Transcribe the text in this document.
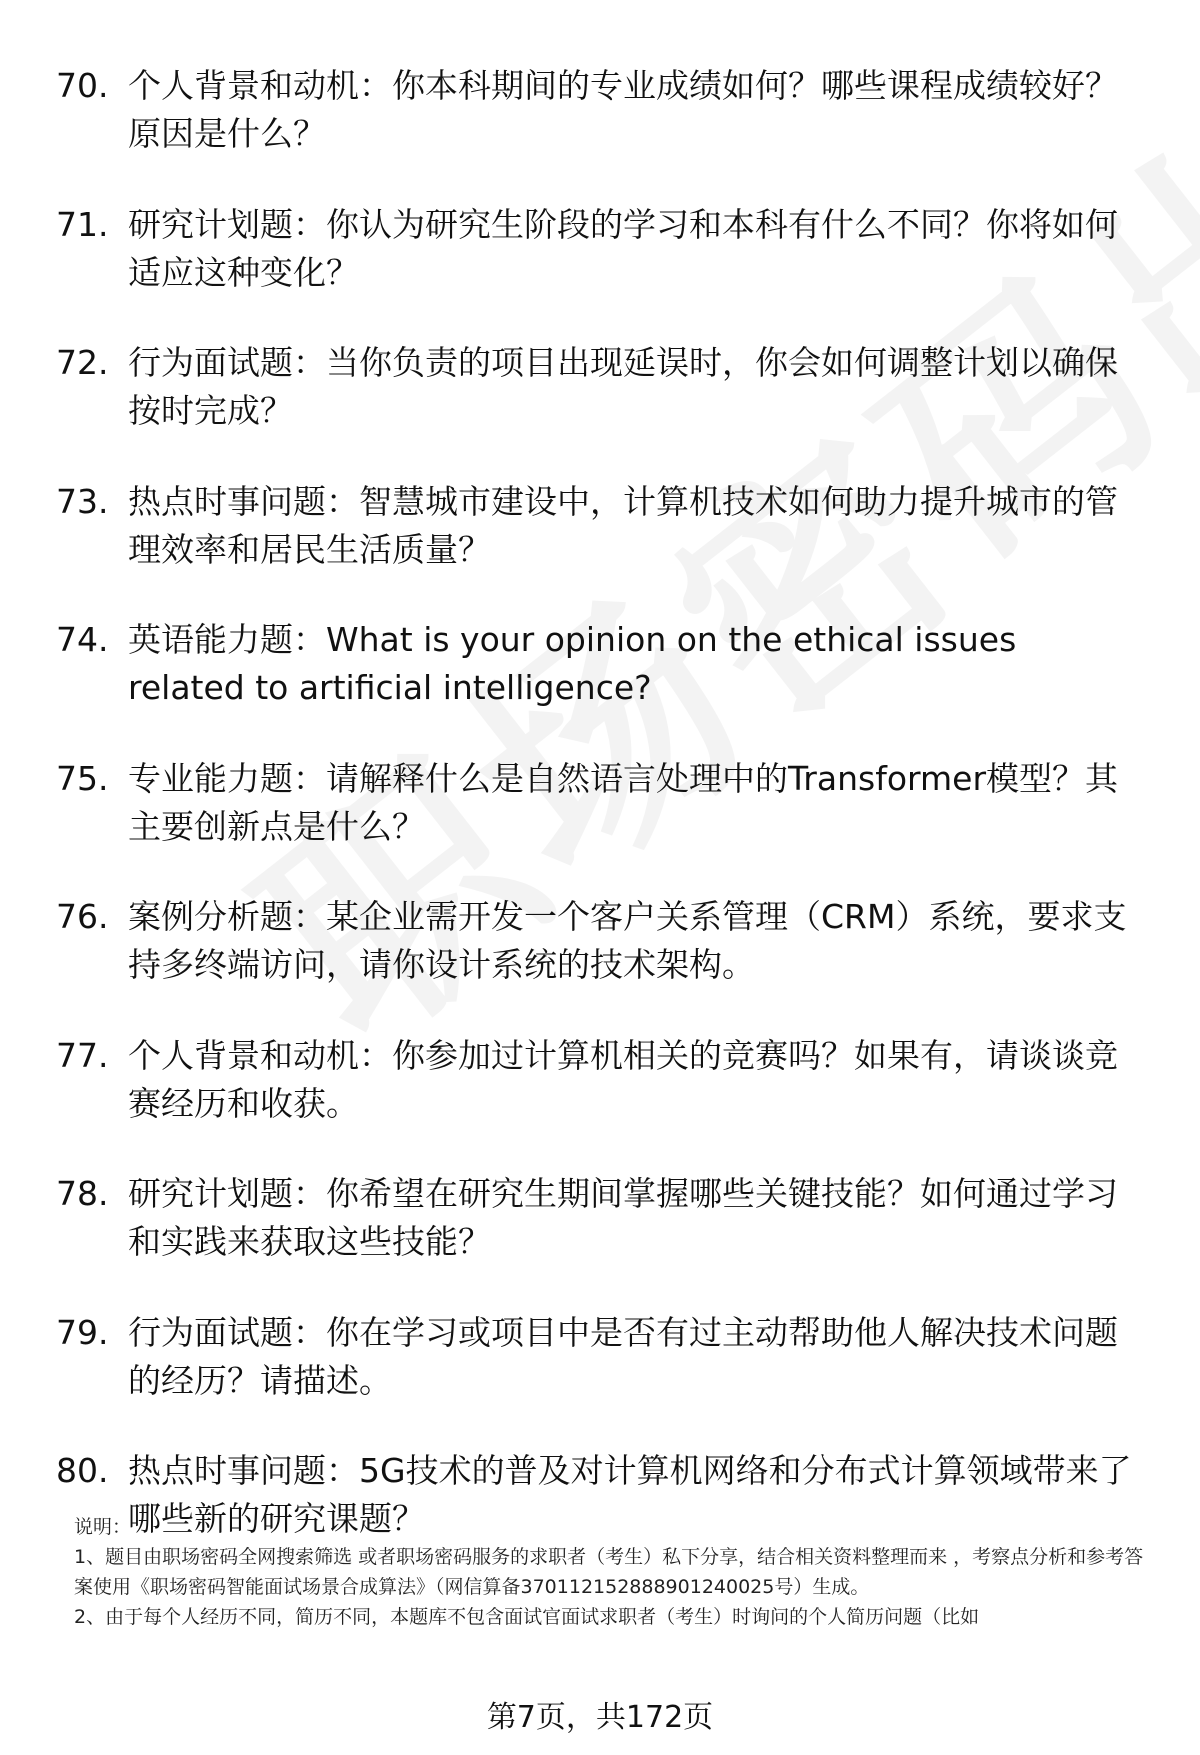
70. 个人背景和动机：你本科期间的专业成绩如何？哪些课程成绩较好？原因是什么？
71. 研究计划题：你认为研究生阶段的学习和本科有什么不同？你将如何适应这种变化？
72. 行为面试题：当你负责的项目出现延误时，你会如何调整计划以确保按时完成？
73. 热点时事问题：智慧城市建设中，计算机技术如何助力提升城市的管理效率和居民生活质量？
74. 英语能力题：What is your opinion on the ethical issues related to artificial intelligence?
75. 专业能力题：请解释什么是自然语言处理中的Transformer模型？其主要创新点是什么？
76. 案例分析题：某企业需开发一个客户关系管理（CRM）系统，要求支持多终端访问，请你设计系统的技术架构。
77. 个人背景和动机：你参加过计算机相关的竞赛吗？如果有，请谈谈竞赛经历和收获。
78. 研究计划题：你希望在研究生期间掌握哪些关键技能？如何通过学习和实践来获取这些技能？
79. 行为面试题：你在学习或项目中是否有过主动帮助他人解决技术问题的经历？请描述。
80. 热点时事问题：5G技术的普及对计算机网络和分布式计算领域带来了哪些新的研究课题？

说明：

1、题目由职场密码全网搜索筛选 或者职场密码服务的求职者（考生）私下分享，结合相关资料整理而来 ，考察点分析和参考答案使用《职场密码智能面试场景合成算法》（网信算备370112152888901240025号）生成。

2、由于每个人经历不同，简历不同，本题库不包含面试官面试求职者（考生）时询问的个人简历问题（比如

第7页，共172页
